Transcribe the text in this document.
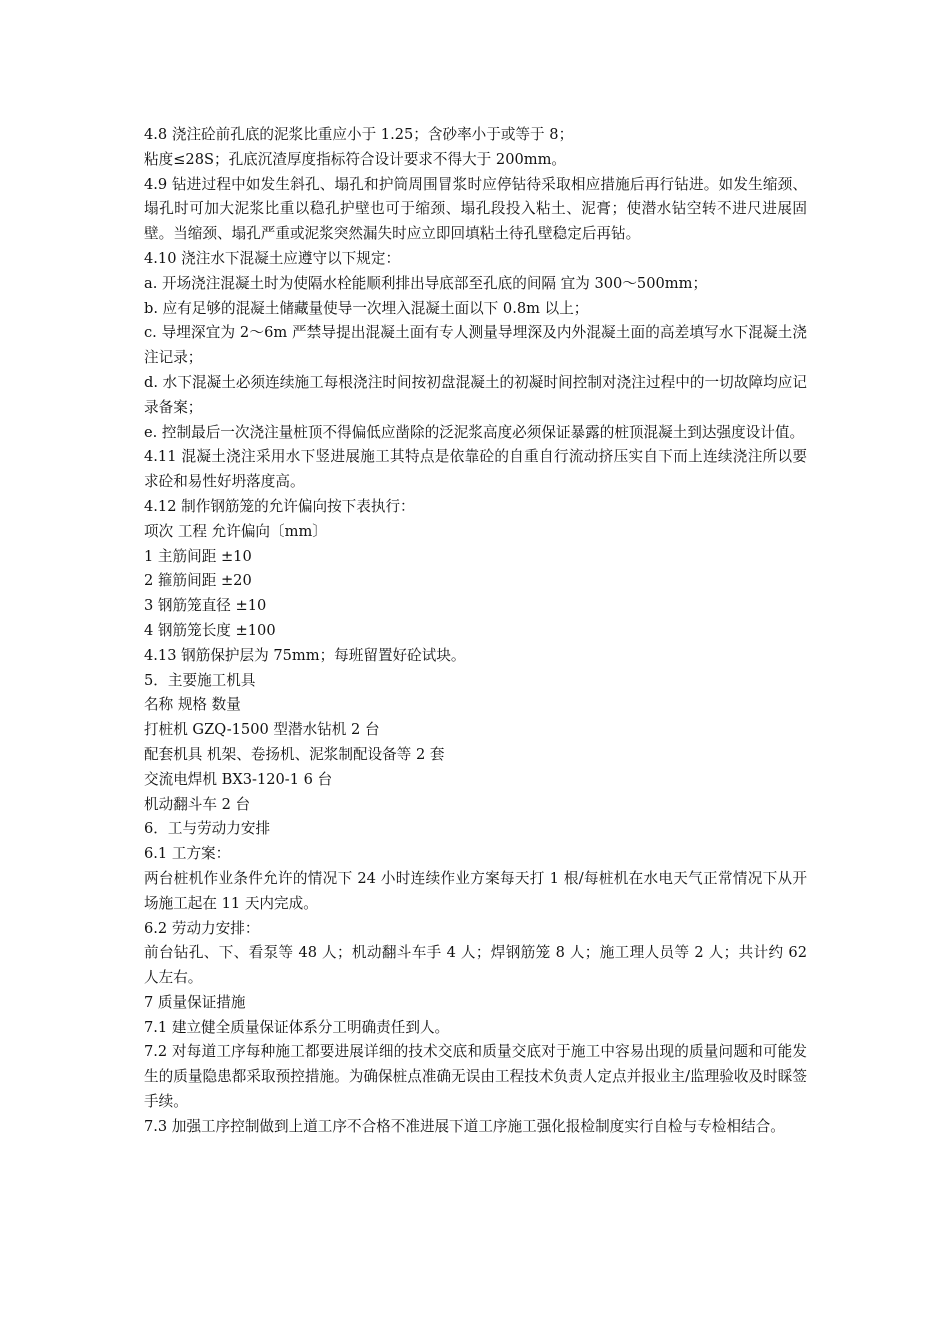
4.8 浇注砼前孔底的泥浆比重应小于 1.25；含砂率小于或等于 8；

粘度≤28S；孔底沉渣厚度指标符合设计要求不得大于 200mm。

4.9 钻进过程中如发生斜孔、塌孔和护筒周围冒浆时应停钻待采取相应措施后再行钻进。如发生缩颈、塌孔时可加大泥浆比重以稳孔护壁也可于缩颈、塌孔段投入粘土、泥膏；使潜水钻空转不进尺进展固壁。当缩颈、塌孔严重或泥浆突然漏失时应立即回填粘土待孔壁稳定后再钻。

4.10 浇注水下混凝土应遵守以下规定：

a. 开场浇注混凝土时为使隔水栓能顺利排出导底部至孔底的间隔 宜为 300～500mm；

b. 应有足够的混凝土储藏量使导一次埋入混凝土面以下 0.8m 以上；

c. 导埋深宜为 2～6m 严禁导提出混凝土面有专人测量导埋深及内外混凝土面的高差填写水下混凝土浇注记录；

d. 水下混凝土必须连续施工每根浇注时间按初盘混凝土的初凝时间控制对浇注过程中的一切故障均应记录备案；

e. 控制最后一次浇注量桩顶不得偏低应凿除的泛泥浆高度必须保证暴露的桩顶混凝土到达强度设计值。

4.11 混凝土浇注采用水下竖进展施工其特点是依靠砼的自重自行流动挤压实自下而上连续浇注所以要求砼和易性好坍落度高。

4.12 制作钢筋笼的允许偏向按下表执行：

项次 工程 允许偏向〔mm〕

1 主筋间距 ±10

2 箍筋间距 ±20

3 钢筋笼直径 ±10

4 钢筋笼长度 ±100

4.13 钢筋保护层为 75mm；每班留置好砼试块。

5．主要施工机具

名称 规格 数量

打桩机 GZQ-1500 型潜水钻机 2 台

配套机具 机架、卷扬机、泥浆制配设备等 2 套

交流电焊机 BX3-120-1 6 台

机动翻斗车 2 台

6．工与劳动力安排

6.1 工方案：

两台桩机作业条件允许的情况下 24 小时连续作业方案每天打 1 根/每桩机在水电天气正常情况下从开场施工起在 11 天内完成。

6.2 劳动力安排：

前台钻孔、下、看泵等 48 人；机动翻斗车手 4 人；焊钢筋笼 8 人；施工理人员等 2 人；共计约 62 人左右。

7 质量保证措施

7.1 建立健全质量保证体系分工明确责任到人。

7.2 对每道工序每种施工都要进展详细的技术交底和质量交底对于施工中容易出现的质量问题和可能发生的质量隐患都采取预控措施。为确保桩点准确无误由工程技术负责人定点并报业主/监理验收及时睬签手续。

7.3 加强工序控制做到上道工序不合格不准进展下道工序施工强化报检制度实行自检与专检相结合。
